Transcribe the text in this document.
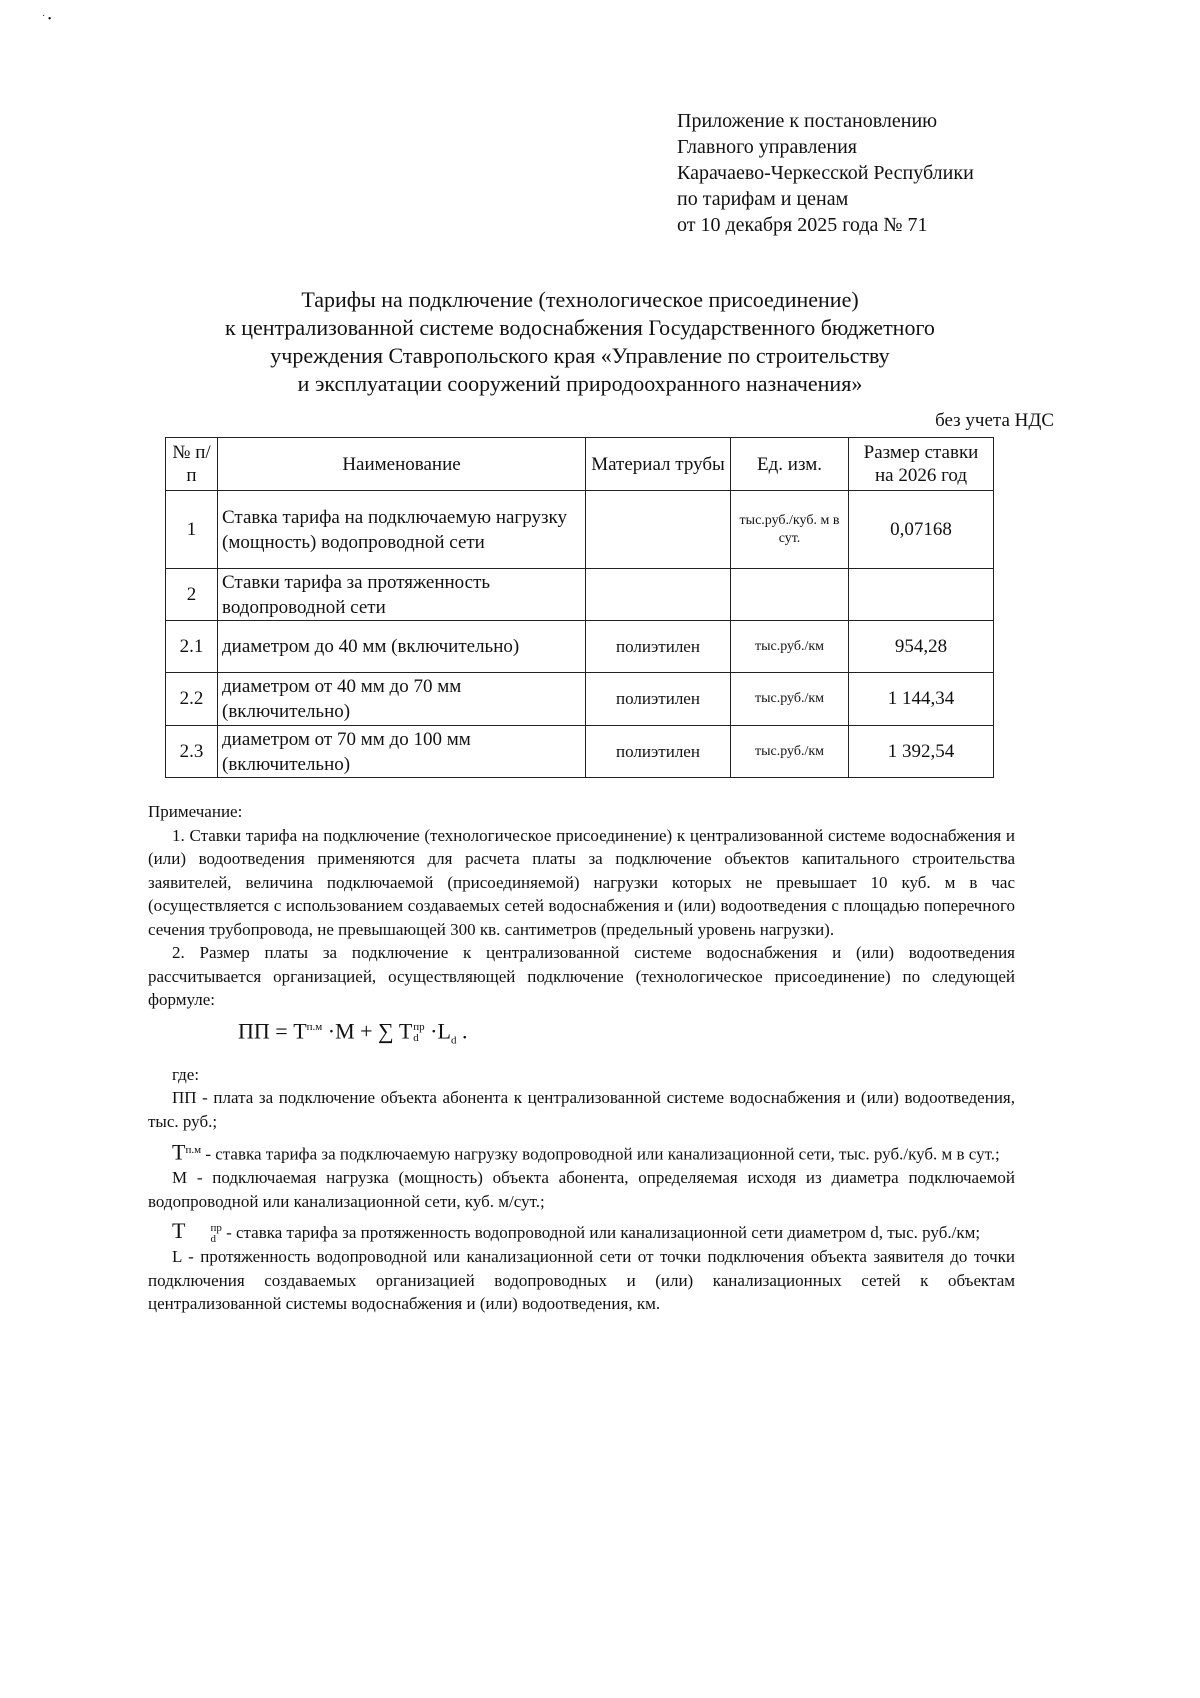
˙ •
Приложение к постановлению
Главного управления
Карачаево-Черкесской Республики
по тарифам и ценам
от 10 декабря 2025 года № 71
Тарифы на подключение (технологическое присоединение)
к централизованной системе водоснабжения Государственного бюджетного
учреждения Ставропольского края «Управление по строительству
и эксплуатации сооружений природоохранного назначения»
без учета НДС
№ п/п	Наименование	Материал трубы	Ед. изм.	Размер ставки на 2026 год
1	Ставка тарифа на подключаемую нагрузку (мощность) водопроводной сети		тыс.руб./куб. м в сут.	0,07168
2	Ставки тарифа за протяженность водопроводной сети			
2.1	диаметром до 40 мм (включительно)	полиэтилен	тыс.руб./км	954,28
2.2	диаметром от 40 мм до 70 мм (включительно)	полиэтилен	тыс.руб./км	1 144,34
2.3	диаметром от 70 мм до 100 мм (включительно)	полиэтилен	тыс.руб./км	1 392,54

Примечание:

1. Ставки тарифа на подключение (технологическое присоединение) к централизованной системе водоснабжения и (или) водоотведения применяются для расчета платы за подключение объектов капитального строительства заявителей, величина подключаемой (присоединяемой) нагрузки которых не превышает 10 куб. м в час (осуществляется с использованием создаваемых сетей водоснабжения и (или) водоотведения с площадью поперечного сечения трубопровода, не превышающей 300 кв. сантиметров (предельный уровень нагрузки).

2. Размер платы за подключение к централизованной системе водоснабжения и (или) водоотведения рассчитывается организацией, осуществляющей подключение (технологическое присоединение) по следующей формуле:

ПП = $T^{п.м} \cdot M$ + ∑ T пр
$d \cdot L_d$ .

где:

ПП - плата за подключение объекта абонента к централизованной системе водоснабжения и (или) водоотведения, тыс. руб.;

$T^{п.м}$ - ставка тарифа за подключаемую нагрузку водопроводной или канализационной сети, тыс. руб./куб. м в сут.;

М - подключаемая нагрузка (мощность) объекта абонента, определяемая исходя из диаметра подключаемой водопроводной или канализационной сети, куб. м/сут.;

T	пр
d - ставка тарифа за протяженность водопроводной или канализационной сети диаметром d, тыс. руб./км;

L - протяженность водопроводной или канализационной сети от точки подключения объекта заявителя до точки подключения создаваемых организацией водопроводных и (или) канализационных сетей к объектам централизованной системы водоснабжения и (или) водоотведения, км.
